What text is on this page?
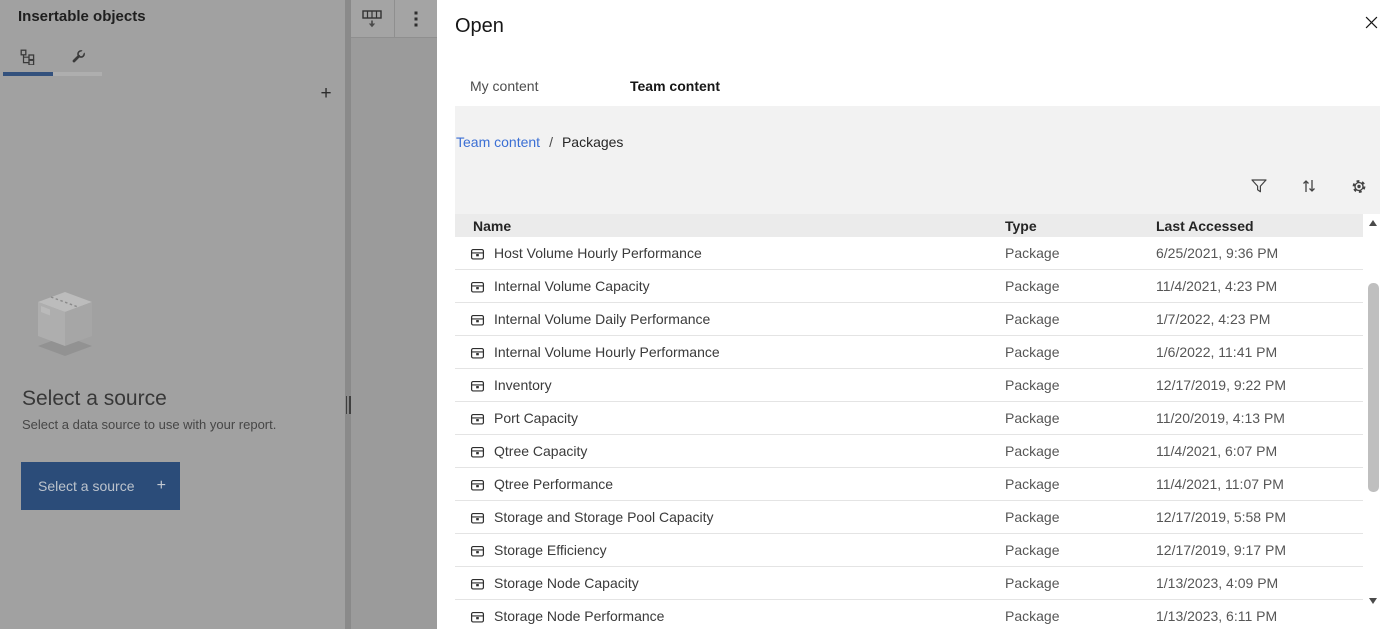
Insertable objects
+
Select a source
Select a data source to use with your report.
Select a source	+
Open
My content	Team content
Team content / Packages
Name	Type	Last Accessed
Host Volume Hourly Performance	Package	6/25/2021, 9:36 PM
Internal Volume Capacity	Package	11/4/2021, 4:23 PM
Internal Volume Daily Performance	Package	1/7/2022, 4:23 PM
Internal Volume Hourly Performance	Package	1/6/2022, 11:41 PM
Inventory	Package	12/17/2019, 9:22 PM
Port Capacity	Package	11/20/2019, 4:13 PM
Qtree Capacity	Package	11/4/2021, 6:07 PM
Qtree Performance	Package	11/4/2021, 11:07 PM
Storage and Storage Pool Capacity	Package	12/17/2019, 5:58 PM
Storage Efficiency	Package	12/17/2019, 9:17 PM
Storage Node Capacity	Package	1/13/2023, 4:09 PM
Storage Node Performance	Package	1/13/2023, 6:11 PM
